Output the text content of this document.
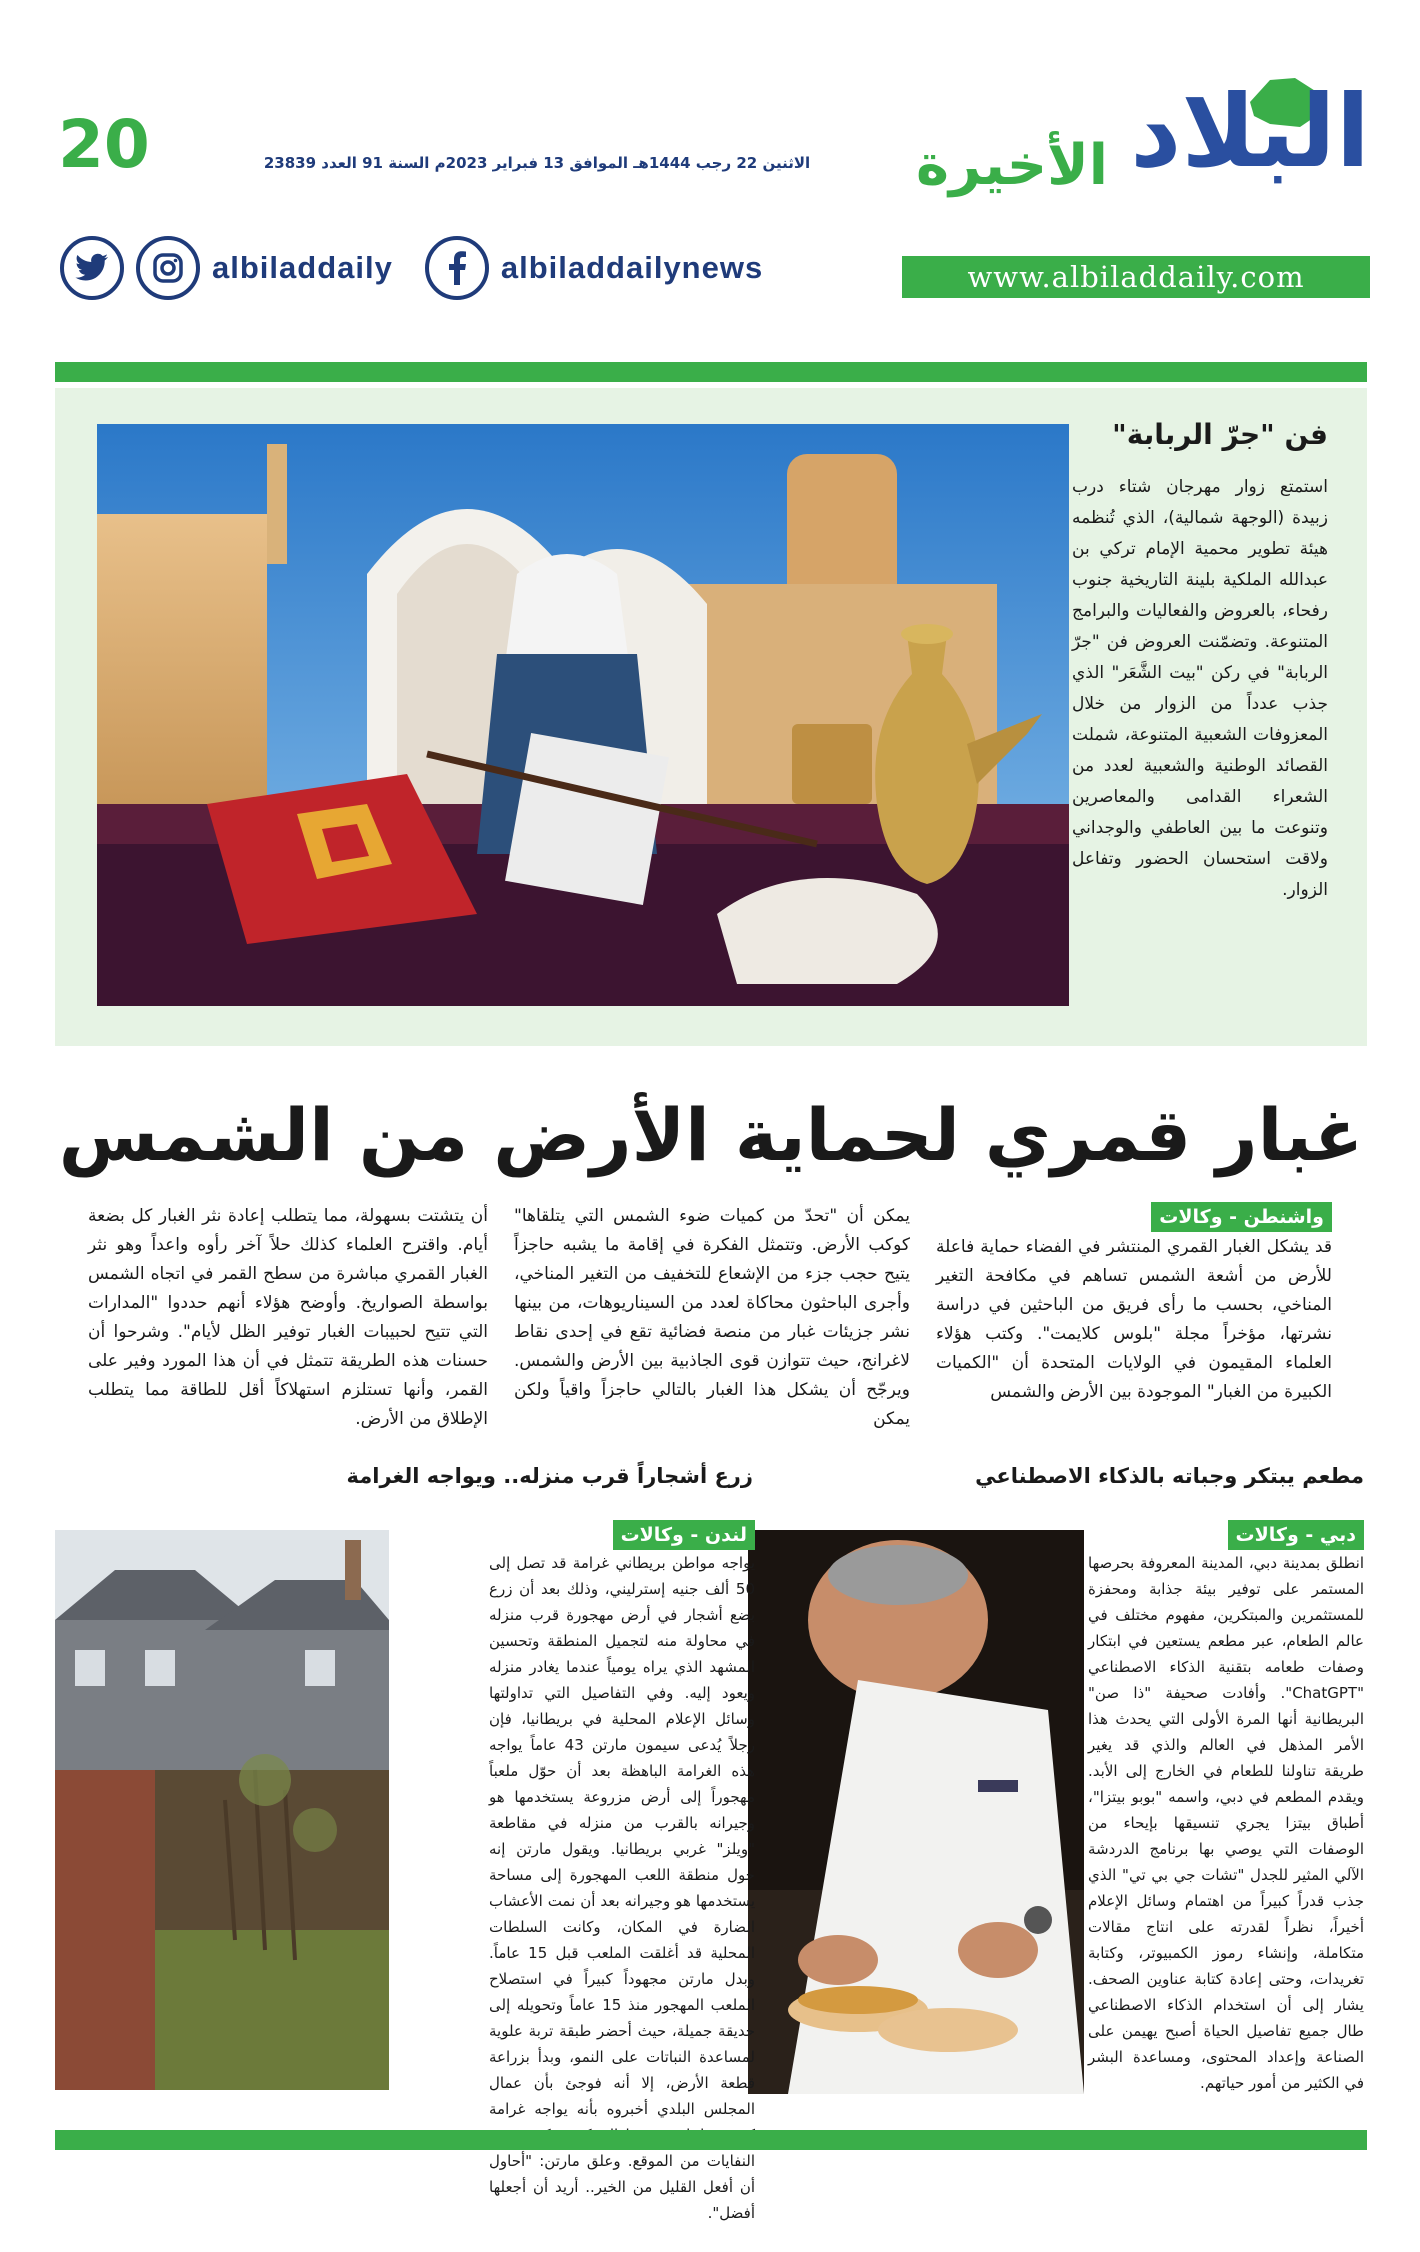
البلاد
الأخيرة
20	الاثنين 22 رجب 1444هـ الموافق 13 فبراير 2023م السنة 91 العدد 23839
www.albiladdaily.com
albiladdaily	albiladdailynews
فن "جرّ الربابة"
استمتع زوار مهرجان شتاء درب زبيدة (الوجهة شمالية)، الذي تُنظمه هيئة تطوير محمية الإمام تركي بن عبدالله الملكية بلينة التاريخية جنوب رفحاء، بالعروض والفعاليات والبرامج المتنوعة. وتضمّنت العروض فن "جرّ الربابة" في ركن "بيت الشَّعَر" الذي جذب عدداً من الزوار من خلال المعزوفات الشعبية المتنوعة، شملت القصائد الوطنية والشعبية لعدد من الشعراء القدامى والمعاصرين وتنوعت ما بين العاطفي والوجداني ولاقت استحسان الحضور وتفاعل الزوار.
غبار قمري لحماية الأرض من الشمس
واشنطن - وكالات
قد يشكل الغبار القمري المنتشر في الفضاء حماية فاعلة للأرض من أشعة الشمس تساهم في مكافحة التغير المناخي، بحسب ما رأى فريق من الباحثين في دراسة نشرتها، مؤخراً مجلة "بلوس كلايمت". وكتب هؤلاء العلماء المقيمون في الولايات المتحدة أن "الكميات الكبيرة من الغبار" الموجودة بين الأرض والشمس
يمكن أن "تحدّ من كميات ضوء الشمس التي يتلقاها" كوكب الأرض. وتتمثل الفكرة في إقامة ما يشبه حاجزاً يتيح حجب جزء من الإشعاع للتخفيف من التغير المناخي، وأجرى الباحثون محاكاة لعدد من السيناريوهات، من بينها نشر جزيئات غبار من منصة فضائية تقع في إحدى نقاط لاغرانج، حيث تتوازن قوى الجاذبية بين الأرض والشمس. ويرجّح أن يشكل هذا الغبار بالتالي حاجزاً واقياً ولكن يمكن
أن يتشتت بسهولة، مما يتطلب إعادة نثر الغبار كل بضعة أيام. واقترح العلماء كذلك حلاً آخر رأوه واعداً وهو نثر الغبار القمري مباشرة من سطح القمر في اتجاه الشمس بواسطة الصواريخ. وأوضح هؤلاء أنهم حددوا "المدارات التي تتيح لحبيبات الغبار توفير الظل لأيام". وشرحوا أن حسنات هذه الطريقة تتمثل في أن هذا المورد وفير على القمر، وأنها تستلزم استهلاكاً أقل للطاقة مما يتطلب الإطلاق من الأرض.
مطعم يبتكر وجباته بالذكاء الاصطناعي
دبي - وكالات
انطلق بمدينة دبي، المدينة المعروفة بحرصها المستمر على توفير بيئة جذابة ومحفزة للمستثمرين والمبتكرين، مفهوم مختلف في عالم الطعام، عبر مطعم يستعين في ابتكار وصفات طعامه بتقنية الذكاء الاصطناعي "ChatGPT". وأفادت صحيفة "ذا صن" البريطانية أنها المرة الأولى التي يحدث هذا الأمر المذهل في العالم والذي قد يغير طريقة تناولنا للطعام في الخارج إلى الأبد. ويقدم المطعم في دبي، واسمه "بوبو بيتزا"، أطباق بيتزا يجري تنسيقها بإيحاء من الوصفات التي يوصي بها برنامج الدردشة الآلي المثير للجدل "تشات جي بي تي" الذي جذب قدراً كبيراً من اهتمام وسائل الإعلام أخيراً، نظراً لقدرته على انتاج مقالات متكاملة، وإنشاء رموز الكمبيوتر، وكتابة تغريدات، وحتى إعادة كتابة عناوين الصحف. يشار إلى أن استخدام الذكاء الاصطناعي طال جميع تفاصيل الحياة أصبح يهيمن على الصناعة وإعداد المحتوى، ومساعدة البشر في الكثير من أمور حياتهم.
زرع أشجاراً قرب منزله.. ويواجه الغرامة
لندن - وكالات
يواجه مواطن بريطاني غرامة قد تصل إلى 50 ألف جنيه إسترليني، وذلك بعد أن زرع بضع أشجار في أرض مهجورة قرب منزله في محاولة منه لتجميل المنطقة وتحسين المشهد الذي يراه يومياً عندما يغادر منزله ويعود إليه. وفي التفاصيل التي تداولتها وسائل الإعلام المحلية في بريطانيا، فإن رجلاً يُدعى سيمون مارتن 43 عاماً يواجه هذه الغرامة الباهظة بعد أن حوّل ملعباً مهجوراً إلى أرض مزروعة يستخدمها هو وجيرانه بالقرب من منزله في مقاطعة "ويلز" غربي بريطانيا. ويقول مارتن إنه حول منطقة اللعب المهجورة إلى مساحة يستخدمها هو وجيرانه بعد أن نمت الأعشاب الضارة في المكان، وكانت السلطات المحلية قد أغلقت الملعب قبل 15 عاماً. وبدل مارتن مجهوداً كبيراً في استصلاح الملعب المهجور منذ 15 عاماً وتحويله إلى حديقة جميلة، حيث أحضر طبقة تربة علوية لمساعدة النباتات على النمو، وبدأ بزراعة قطعة الأرض، إلا أنه فوجئ بأن عمال المجلس البلدي أخبروه بأنه يواجه غرامة النفايات من الموقع. وعلق مارتن: "أحاول أن أفعل القليل من الخير.. أريد أن أجعلها أفضل".
